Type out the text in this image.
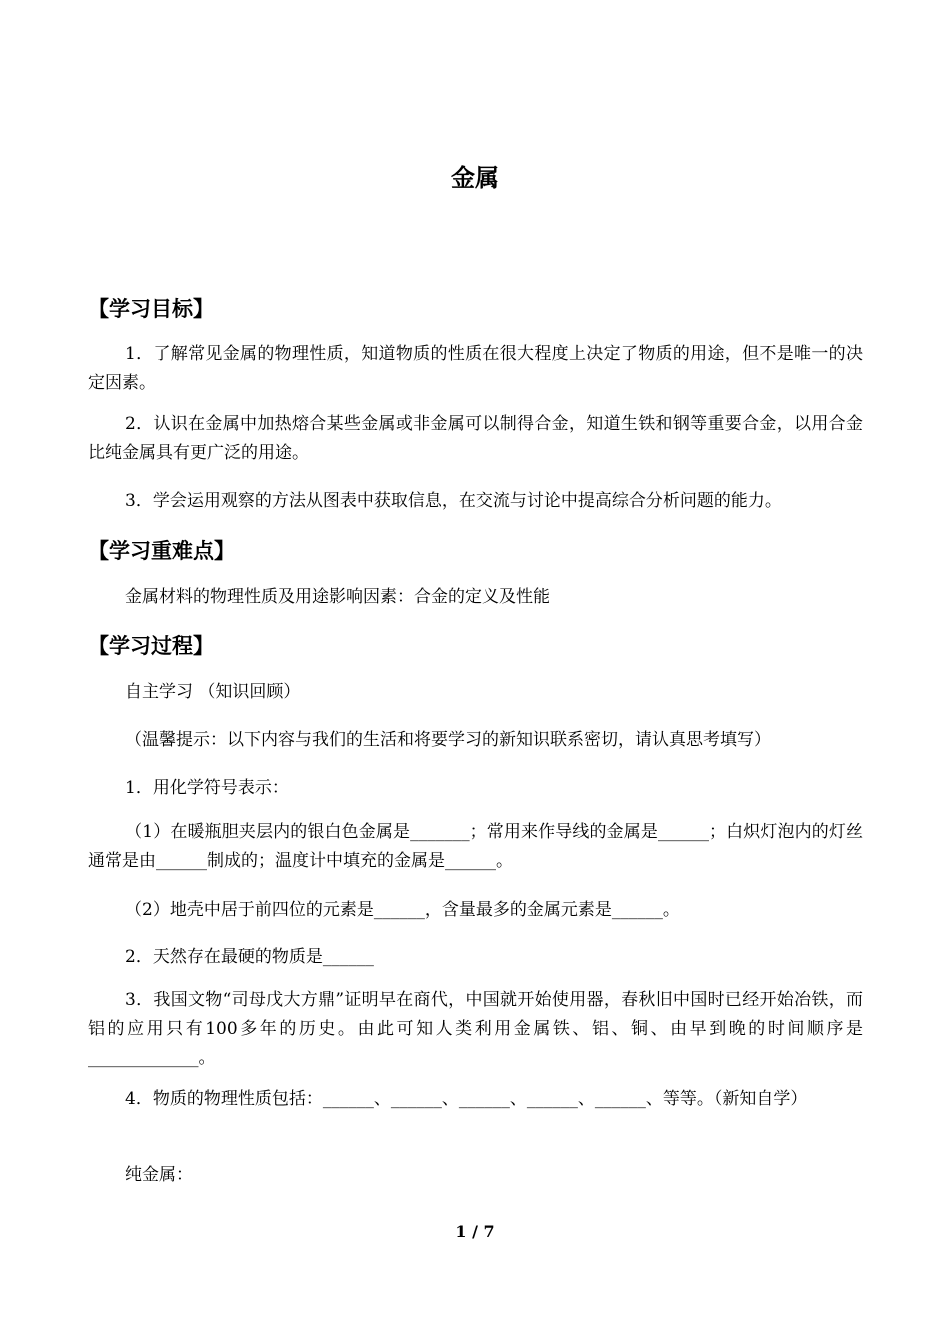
金属
【学习目标】
1．了解常见金属的物理性质，知道物质的性质在很大程度上决定了物质的用途，但不是唯一的决定因素。
2．认识在金属中加热熔合某些金属或非金属可以制得合金，知道生铁和钢等重要合金，以用合金比纯金属具有更广泛的用途。
3．学会运用观察的方法从图表中获取信息，在交流与讨论中提高综合分析问题的能力。
【学习重难点】
金属材料的物理性质及用途影响因素：合金的定义及性能
【学习过程】
自主学习 （知识回顾）
（温馨提示：以下内容与我们的生活和将要学习的新知识联系密切，请认真思考填写）
1．用化学符号表示：
（1）在暖瓶胆夹层内的银白色金属是_______；常用来作导线的金属是______；白炽灯泡内的灯丝通常是由______制成的；温度计中填充的金属是______。
（2）地壳中居于前四位的元素是______，含量最多的金属元素是______。
2．天然存在最硬的物质是______
3．我国文物“司母戊大方鼎”证明早在商代，中国就开始使用器，春秋旧中国时已经开始冶铁，而铝的应用只有100多年的历史。由此可知人类利用金属铁、铝、铜、由早到晚的时间顺序是_____________。
4．物质的物理性质包括：______、______、______、______、______、等等。（新知自学）
纯金属：
1 / 7
